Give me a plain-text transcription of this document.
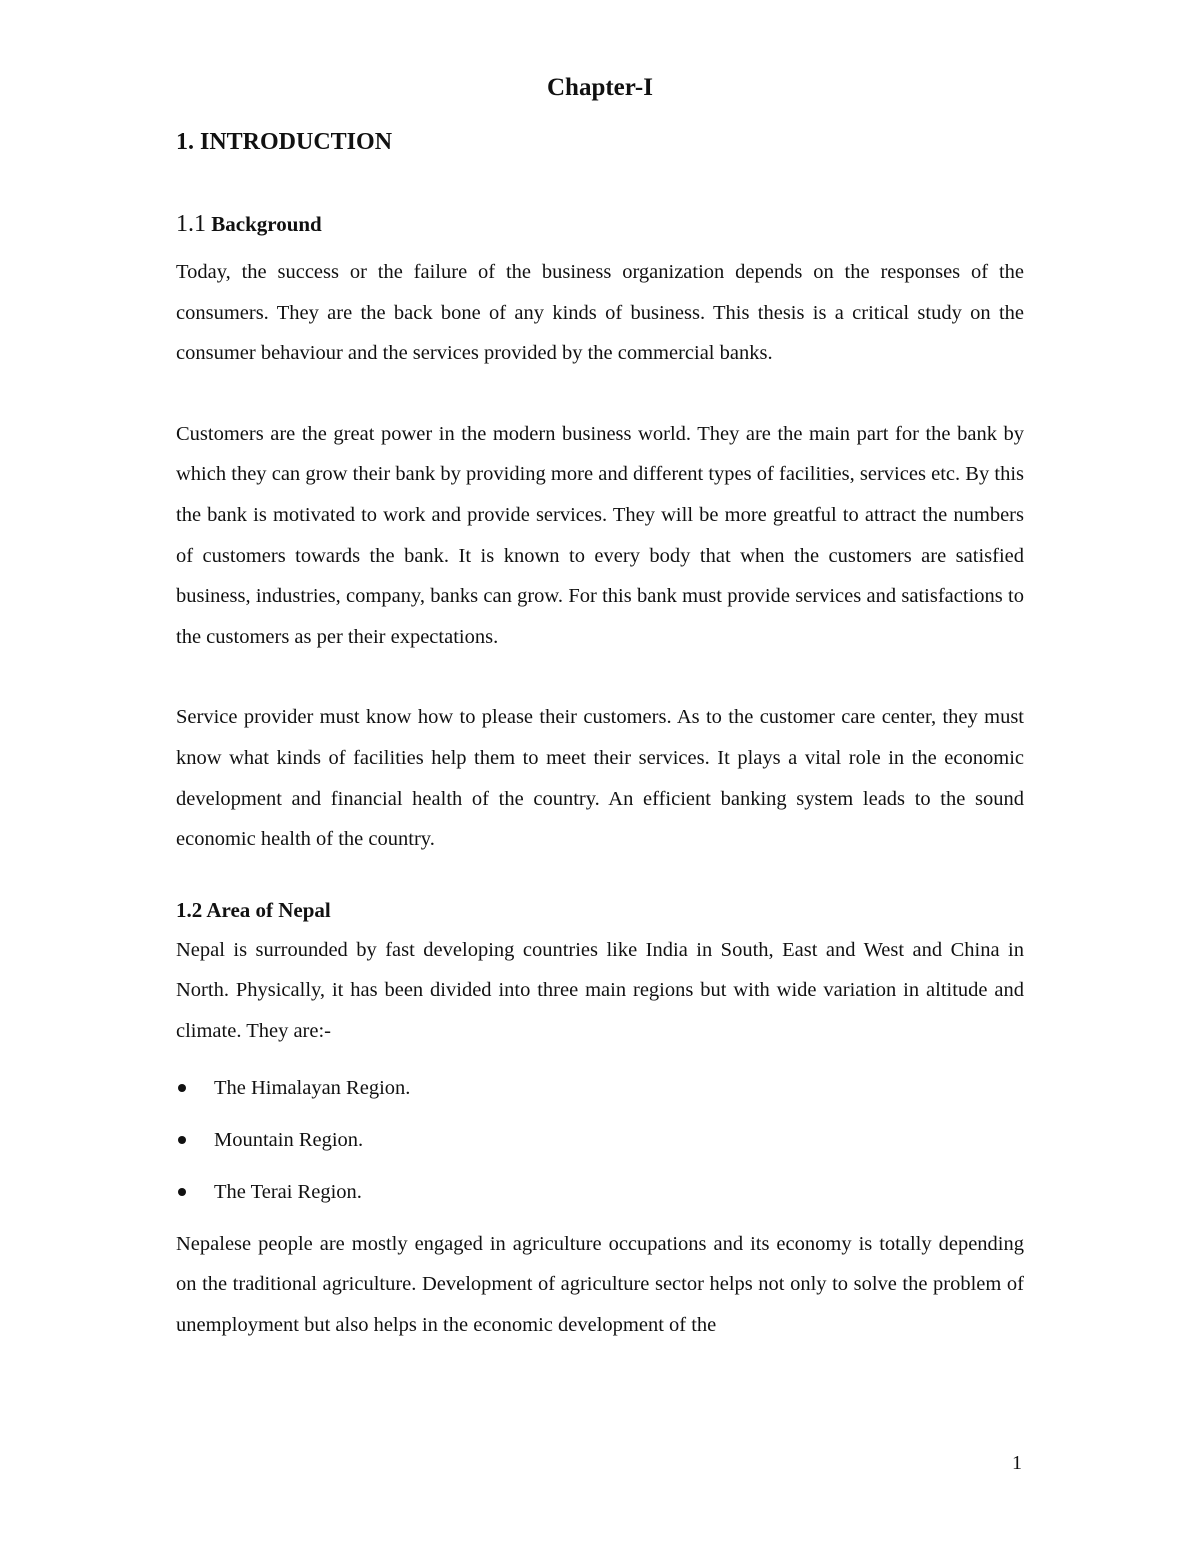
Chapter-I
1. INTRODUCTION
1.1 Background

Today, the success or the failure of the business organization depends on the responses of the consumers. They are the back bone of any kinds of business. This thesis is a critical study on the consumer behaviour and the services provided by the commercial banks.

Customers are the great power in the modern business world. They are the main part for the bank by which they can grow their bank by providing more and different types of facilities, services etc. By this the bank is motivated to work and provide services. They will be more greatful to attract the numbers of customers towards the bank. It is known to every body that when the customers are satisfied business, industries, company, banks can grow. For this bank must provide services and satisfactions to the customers as per their expectations.

Service provider must know how to please their customers. As to the customer care center, they must know what kinds of facilities help them to meet their services. It plays a vital role in the economic development and financial health of the country. An efficient banking system leads to the sound economic health of the country.

1.2 Area of Nepal

Nepal is surrounded by fast developing countries like India in South, East and West and China in North. Physically, it has been divided into three main regions but with wide variation in altitude and climate. They are:-

The Himalayan Region.
Mountain Region.
The Terai Region.

Nepalese people are mostly engaged in agriculture occupations and its economy is totally depending on the traditional agriculture. Development of agriculture sector helps not only to solve the problem of unemployment but also helps in the economic development of the

1
